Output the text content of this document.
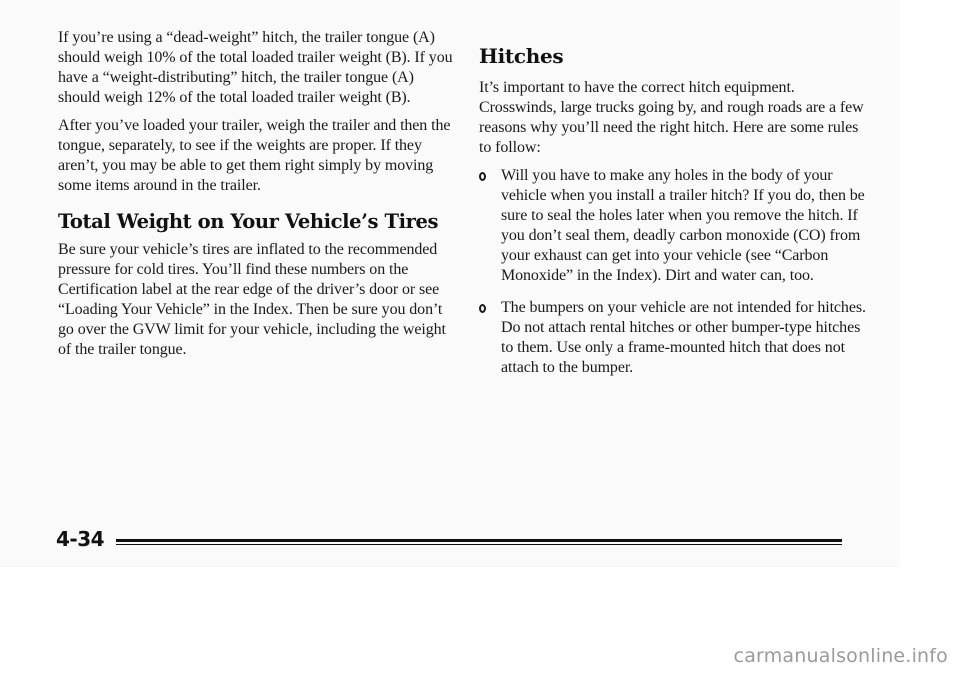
If you’re using a “dead-weight” hitch, the trailer tongue (A) should weigh 10% of the total loaded trailer weight (B). If you have a “weight-distributing” hitch, the trailer tongue (A) should weigh 12% of the total loaded trailer weight (B).

After you’ve loaded your trailer, weigh the trailer and then the tongue, separately, to see if the weights are proper. If they aren’t, you may be able to get them right simply by moving some items around in the trailer.

Total Weight on Your Vehicle’s Tires

Be sure your vehicle’s tires are inflated to the recommended pressure for cold tires. You’ll find these numbers on the Certification label at the rear edge of the driver’s door or see “Loading Your Vehicle” in the Index. Then be sure you don’t go over the GVW limit for your vehicle, including the weight of the trailer tongue.

Hitches

It’s important to have the correct hitch equipment. Crosswinds, large trucks going by, and rough roads are a few reasons why you’ll need the right hitch. Here are some rules to follow:

Will you have to make any holes in the body of your vehicle when you install a trailer hitch? If you do, then be sure to seal the holes later when you remove the hitch. If you don’t seal them, deadly carbon monoxide (CO) from your exhaust can get into your vehicle (see “Carbon Monoxide” in the Index). Dirt and water can, too.
The bumpers on your vehicle are not intended for hitches. Do not attach rental hitches or other bumper-type hitches to them. Use only a frame-mounted hitch that does not attach to the bumper.
4-34
carmanualsonline.info
